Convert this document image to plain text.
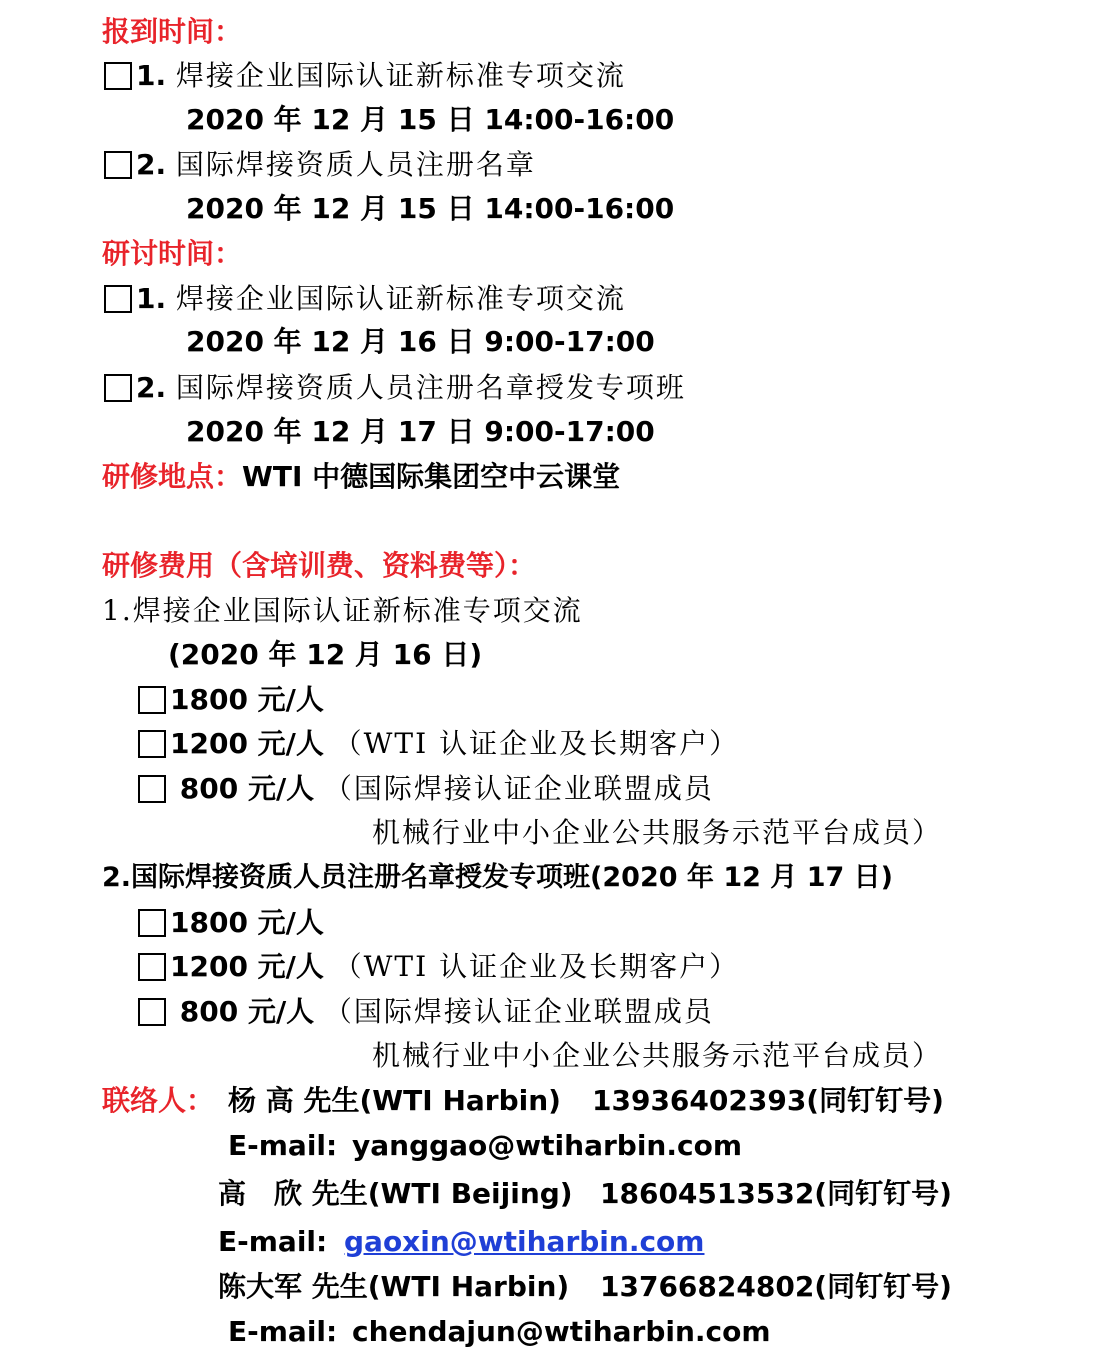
报到时间：
1. 焊接企业国际认证新标准专项交流
2020 年 12 月 15 日 14:00-16:00
2. 国际焊接资质人员注册名章
2020 年 12 月 15 日 14:00-16:00
研讨时间：
1. 焊接企业国际认证新标准专项交流
2020 年 12 月 16 日 9:00-17:00
2. 国际焊接资质人员注册名章授发专项班
2020 年 12 月 17 日 9:00-17:00
研修地点：WTI 中德国际集团空中云课堂
研修费用（含培训费、资料费等）：
1.焊接企业国际认证新标准专项交流
(2020 年 12 月 16 日)
1800 元/人
1200 元/人 （WTI 认证企业及长期客户）
800 元/人 （国际焊接认证企业联盟成员
机械行业中小企业公共服务示范平台成员）
2.国际焊接资质人员注册名章授发专项班(2020 年 12 月 17 日)
1800 元/人
1200 元/人 （WTI 认证企业及长期客户）
800 元/人 （国际焊接认证企业联盟成员
机械行业中小企业公共服务示范平台成员）
联络人： 杨 高 先生(WTI Harbin) 13936402393(同钉钉号)
E-mail: yanggao@wtiharbin.com
高　欣 先生(WTI Beijing) 18604513532(同钉钉号)
E-mail: gaoxin@wtiharbin.com
陈大军 先生(WTI Harbin) 13766824802(同钉钉号)
E-mail: chendajun@wtiharbin.com
